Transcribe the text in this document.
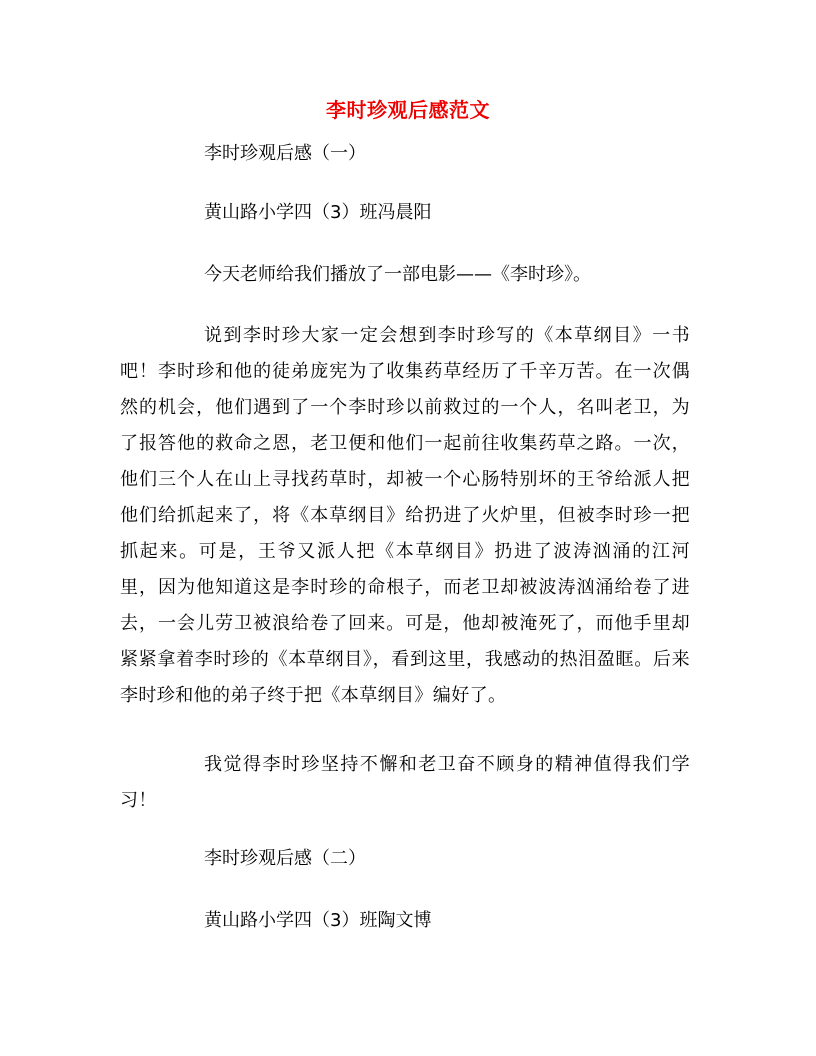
李时珍观后感范文
李时珍观后感（一）
黄山路小学四（3）班冯晨阳
今天老师给我们播放了一部电影——《李时珍》。
说到李时珍大家一定会想到李时珍写的《本草纲目》一书吧！李时珍和他的徒弟庞宪为了收集药草经历了千辛万苦。在一次偶然的机会，他们遇到了一个李时珍以前救过的一个人，名叫老卫，为了报答他的救命之恩，老卫便和他们一起前往收集药草之路。一次，他们三个人在山上寻找药草时，却被一个心肠特别坏的王爷给派人把他们给抓起来了，将《本草纲目》给扔进了火炉里，但被李时珍一把抓起来。可是，王爷又派人把《本草纲目》扔进了波涛汹涌的江河里，因为他知道这是李时珍的命根子，而老卫却被波涛汹涌给卷了进去，一会儿劳卫被浪给卷了回来。可是，他却被淹死了，而他手里却紧紧拿着李时珍的《本草纲目》，看到这里，我感动的热泪盈眶。后来李时珍和他的弟子终于把《本草纲目》编好了。
我觉得李时珍坚持不懈和老卫奋不顾身的精神值得我们学习！
李时珍观后感（二）
黄山路小学四（3）班陶文博
